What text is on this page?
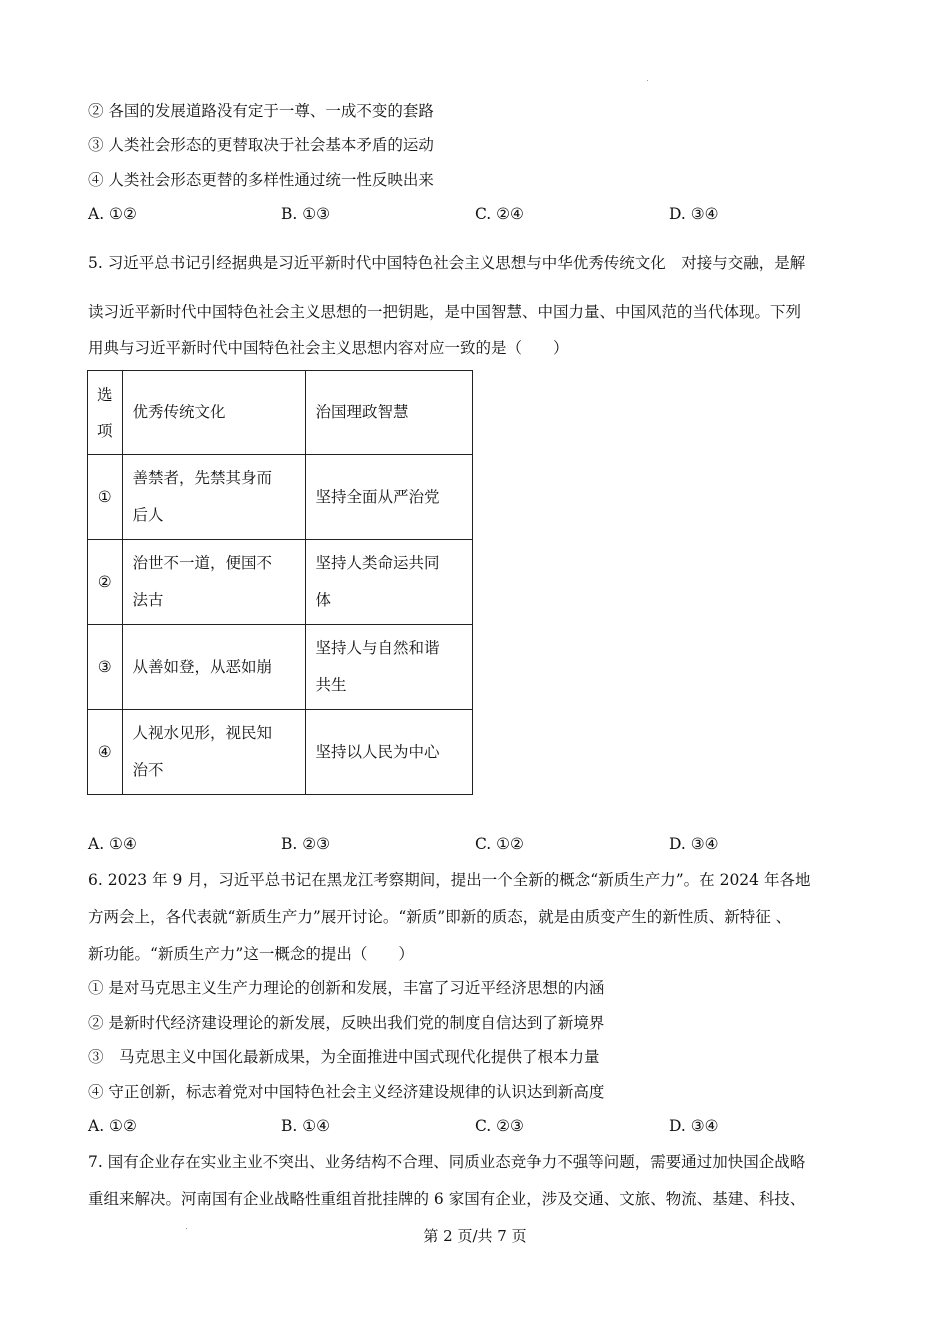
② 各国的发展道路没有定于一尊、一成不变的套路
③ 人类社会形态的更替取决于社会基本矛盾的运动
④ 人类社会形态更替的多样性通过统一性反映出来
A. ①②	B. ①③	C. ②④	D. ③④
5. 习近平总书记引经据典是习近平新时代中国特色社会主义思想与中华优秀传统文化　对接与交融，是解
读习近平新时代中国特色社会主义思想的一把钥匙，是中国智慧、中国力量、中国风范的当代体现。下列
用典与习近平新时代中国特色社会主义思想内容对应一致的是（　　）
选
项	优秀传统文化	治国理政智慧
①	善禁者，先禁其身而
后人	坚持全面从严治党
②	治世不一道，便国不
法古	坚持人类命运共同
体
③	从善如登，从恶如崩	坚持人与自然和谐
共生
④	人视水见形，视民知
治不	坚持以人民为中心
A. ①④	B. ②③	C. ①②	D. ③④
6. 2023 年 9 月，习近平总书记在黑龙江考察期间，提出一个全新的概念“新质生产力”。在 2024 年各地
方两会上，各代表就“新质生产力”展开讨论。“新质”即新的质态，就是由质变产生的新性质、新特征 、
新功能。“新质生产力”这一概念的提出（　　）
① 是对马克思主义生产力理论的创新和发展，丰富了习近平经济思想的内涵
② 是新时代经济建设理论的新发展，反映出我们党的制度自信达到了新境界
③　马克思主义中国化最新成果，为全面推进中国式现代化提供了根本力量
④ 守正创新，标志着党对中国特色社会主义经济建设规律的认识达到新高度
A. ①②	B. ①④	C. ②③	D. ③④
7. 国有企业存在实业主业不突出、业务结构不合理、同质业态竞争力不强等问题，需要通过加快国企战略
重组来解决。河南国有企业战略性重组首批挂牌的 6 家国有企业，涉及交通、文旅、物流、基建、科技、
第 2 页/共 7 页
